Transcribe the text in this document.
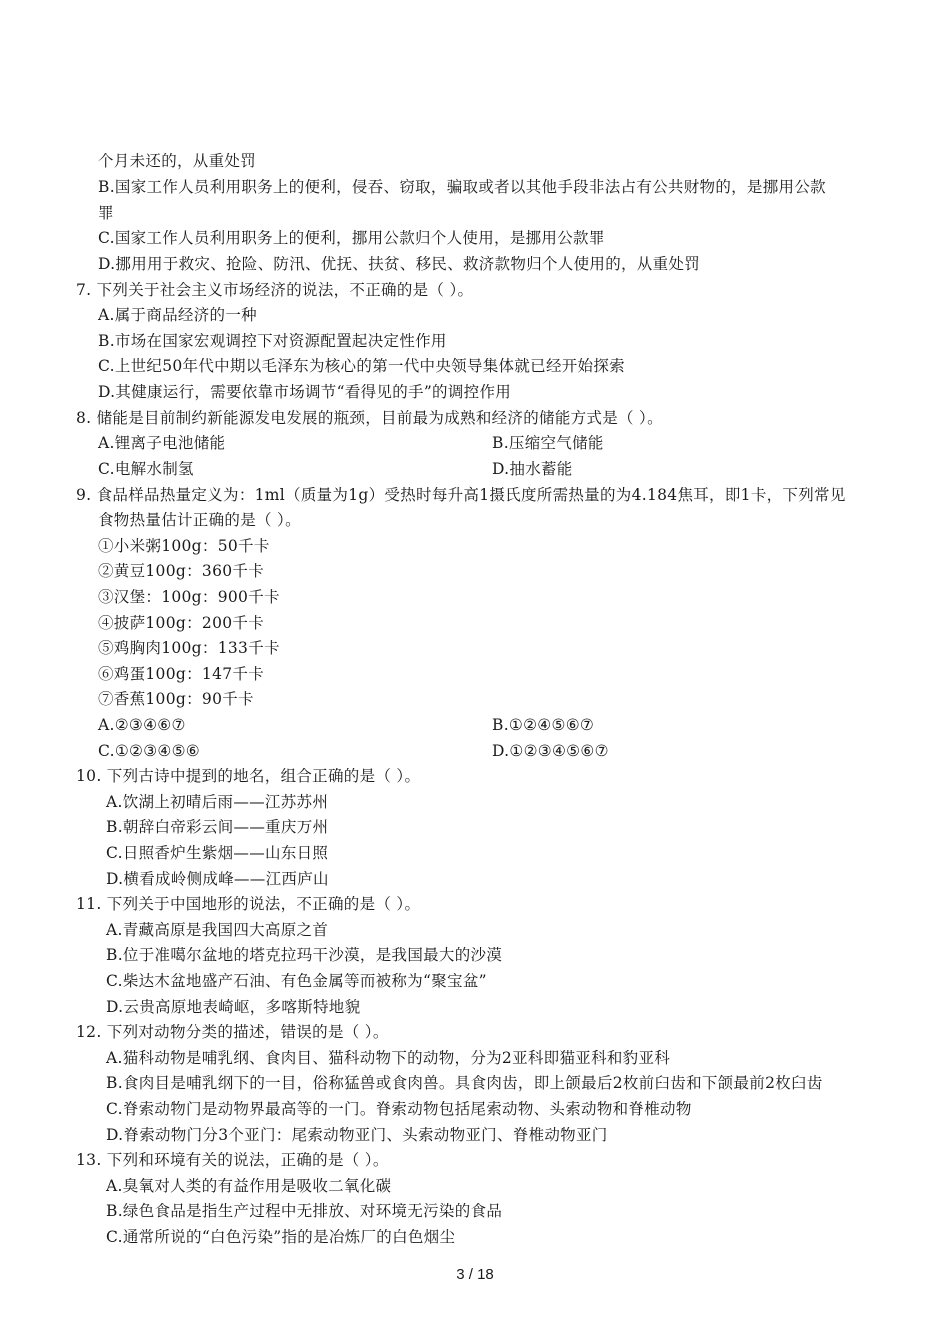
个月未还的，从重处罚
B.国家工作人员利用职务上的便利，侵吞、窃取，骗取或者以其他手段非法占有公共财物的，是挪用公款
罪
C.国家工作人员利用职务上的便利，挪用公款归个人使用，是挪用公款罪
D.挪用用于救灾、抢险、防汛、优抚、扶贫、移民、救济款物归个人使用的，从重处罚
7. 下列关于社会主义市场经济的说法，不正确的是（ ）。
A.属于商品经济的一种
B.市场在国家宏观调控下对资源配置起决定性作用
C.上世纪50年代中期以毛泽东为核心的第一代中央领导集体就已经开始探索
D.其健康运行，需要依靠市场调节“看得见的手”的调控作用
8. 储能是目前制约新能源发电发展的瓶颈，目前最为成熟和经济的储能方式是（ ）。
A.锂离子电池储能	B.压缩空气储能
C.电解水制氢	D.抽水蓄能
9. 食品样品热量定义为：1ml（质量为1g）受热时每升高1摄氏度所需热量的为4.184焦耳，即1卡，下列常见
食物热量估计正确的是（ ）。
①小米粥100g：50千卡
②黄豆100g：360千卡
③汉堡：100g：900千卡
④披萨100g：200千卡
⑤鸡胸肉100g：133千卡
⑥鸡蛋100g：147千卡
⑦香蕉100g：90千卡
A.②③④⑥⑦	B.①②④⑤⑥⑦
C.①②③④⑤⑥	D.①②③④⑤⑥⑦
10. 下列古诗中提到的地名，组合正确的是（ ）。
A.饮湖上初晴后雨——江苏苏州
B.朝辞白帝彩云间——重庆万州
C.日照香炉生紫烟——山东日照
D.横看成岭侧成峰——江西庐山
11. 下列关于中国地形的说法，不正确的是（ ）。
A.青藏高原是我国四大高原之首
B.位于准噶尔盆地的塔克拉玛干沙漠，是我国最大的沙漠
C.柴达木盆地盛产石油、有色金属等而被称为“聚宝盆”
D.云贵高原地表崎岖，多喀斯特地貌
12. 下列对动物分类的描述，错误的是（ ）。
A.猫科动物是哺乳纲、食肉目、猫科动物下的动物，分为2亚科即猫亚科和豹亚科
B.食肉目是哺乳纲下的一目，俗称猛兽或食肉兽。具食肉齿，即上颌最后2枚前臼齿和下颌最前2枚臼齿
C.脊索动物门是动物界最高等的一门。脊索动物包括尾索动物、头索动物和脊椎动物
D.脊索动物门分3个亚门：尾索动物亚门、头索动物亚门、脊椎动物亚门
13. 下列和环境有关的说法，正确的是（ ）。
A.臭氧对人类的有益作用是吸收二氧化碳
B.绿色食品是指生产过程中无排放、对环境无污染的食品
C.通常所说的“白色污染”指的是冶炼厂的白色烟尘
3 / 18
